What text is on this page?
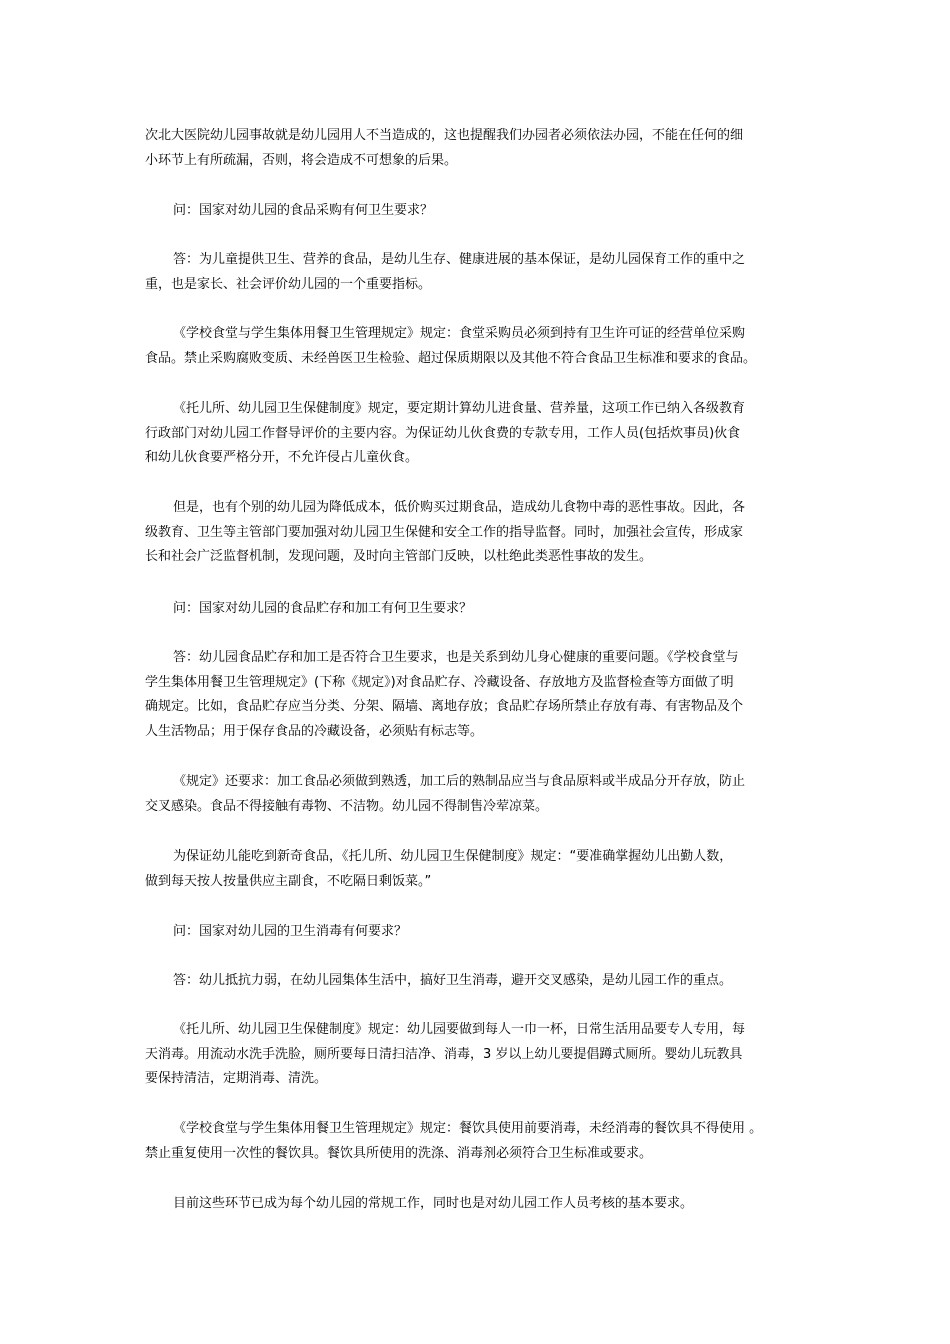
次北大医院幼儿园事故就是幼儿园用人不当造成的，这也提醒我们办园者必须依法办园，不能在任何的细
小环节上有所疏漏，否则，将会造成不可想象的后果。
问：国家对幼儿园的食品采购有何卫生要求？
答：为儿童提供卫生、营养的食品，是幼儿生存、健康进展的基本保证，是幼儿园保育工作的重中之
重，也是家长、社会评价幼儿园的一个重要指标。
《学校食堂与学生集体用餐卫生管理规定》规定：食堂采购员必须到持有卫生许可证的经营单位采购
食品。禁止采购腐败变质、未经兽医卫生检验、超过保质期限以及其他不符合食品卫生标准和要求的食品。
《托儿所、幼儿园卫生保健制度》规定，要定期计算幼儿进食量、营养量，这项工作已纳入各级教育
行政部门对幼儿园工作督导评价的主要内容。为保证幼儿伙食费的专款专用，工作人员(包括炊事员)伙食
和幼儿伙食要严格分开，不允许侵占儿童伙食。
但是，也有个别的幼儿园为降低成本，低价购买过期食品，造成幼儿食物中毒的恶性事故。因此，各
级教育、卫生等主管部门要加强对幼儿园卫生保健和安全工作的指导监督。同时，加强社会宣传，形成家
长和社会广泛监督机制，发现问题，及时向主管部门反映，以杜绝此类恶性事故的发生。
问：国家对幼儿园的食品贮存和加工有何卫生要求？
答：幼儿园食品贮存和加工是否符合卫生要求，也是关系到幼儿身心健康的重要问题。《学校食堂与
学生集体用餐卫生管理规定》(下称《规定》)对食品贮存、冷藏设备、存放地方及监督检查等方面做了明
确规定。比如，食品贮存应当分类、分架、隔墙、离地存放；食品贮存场所禁止存放有毒、有害物品及个
人生活物品；用于保存食品的冷藏设备，必须贴有标志等。
《规定》还要求：加工食品必须做到熟透，加工后的熟制品应当与食品原料或半成品分开存放，防止
交叉感染。食品不得接触有毒物、不洁物。幼儿园不得制售冷荤凉菜。
为保证幼儿能吃到新奇食品，《托儿所、幼儿园卫生保健制度》规定：“要准确掌握幼儿出勤人数，
做到每天按人按量供应主副食，不吃隔日剩饭菜。”
问：国家对幼儿园的卫生消毒有何要求？
答：幼儿抵抗力弱，在幼儿园集体生活中，搞好卫生消毒，避开交叉感染，是幼儿园工作的重点。
《托儿所、幼儿园卫生保健制度》规定：幼儿园要做到每人一巾一杯，日常生活用品要专人专用，每
天消毒。用流动水洗手洗脸，厕所要每日清扫洁净、消毒，3 岁以上幼儿要提倡蹲式厕所。婴幼儿玩教具
要保持清洁，定期消毒、清洗。
《学校食堂与学生集体用餐卫生管理规定》规定：餐饮具使用前要消毒，未经消毒的餐饮具不得使用 。
禁止重复使用一次性的餐饮具。餐饮具所使用的洗涤、消毒剂必须符合卫生标准或要求。
目前这些环节已成为每个幼儿园的常规工作，同时也是对幼儿园工作人员考核的基本要求。
